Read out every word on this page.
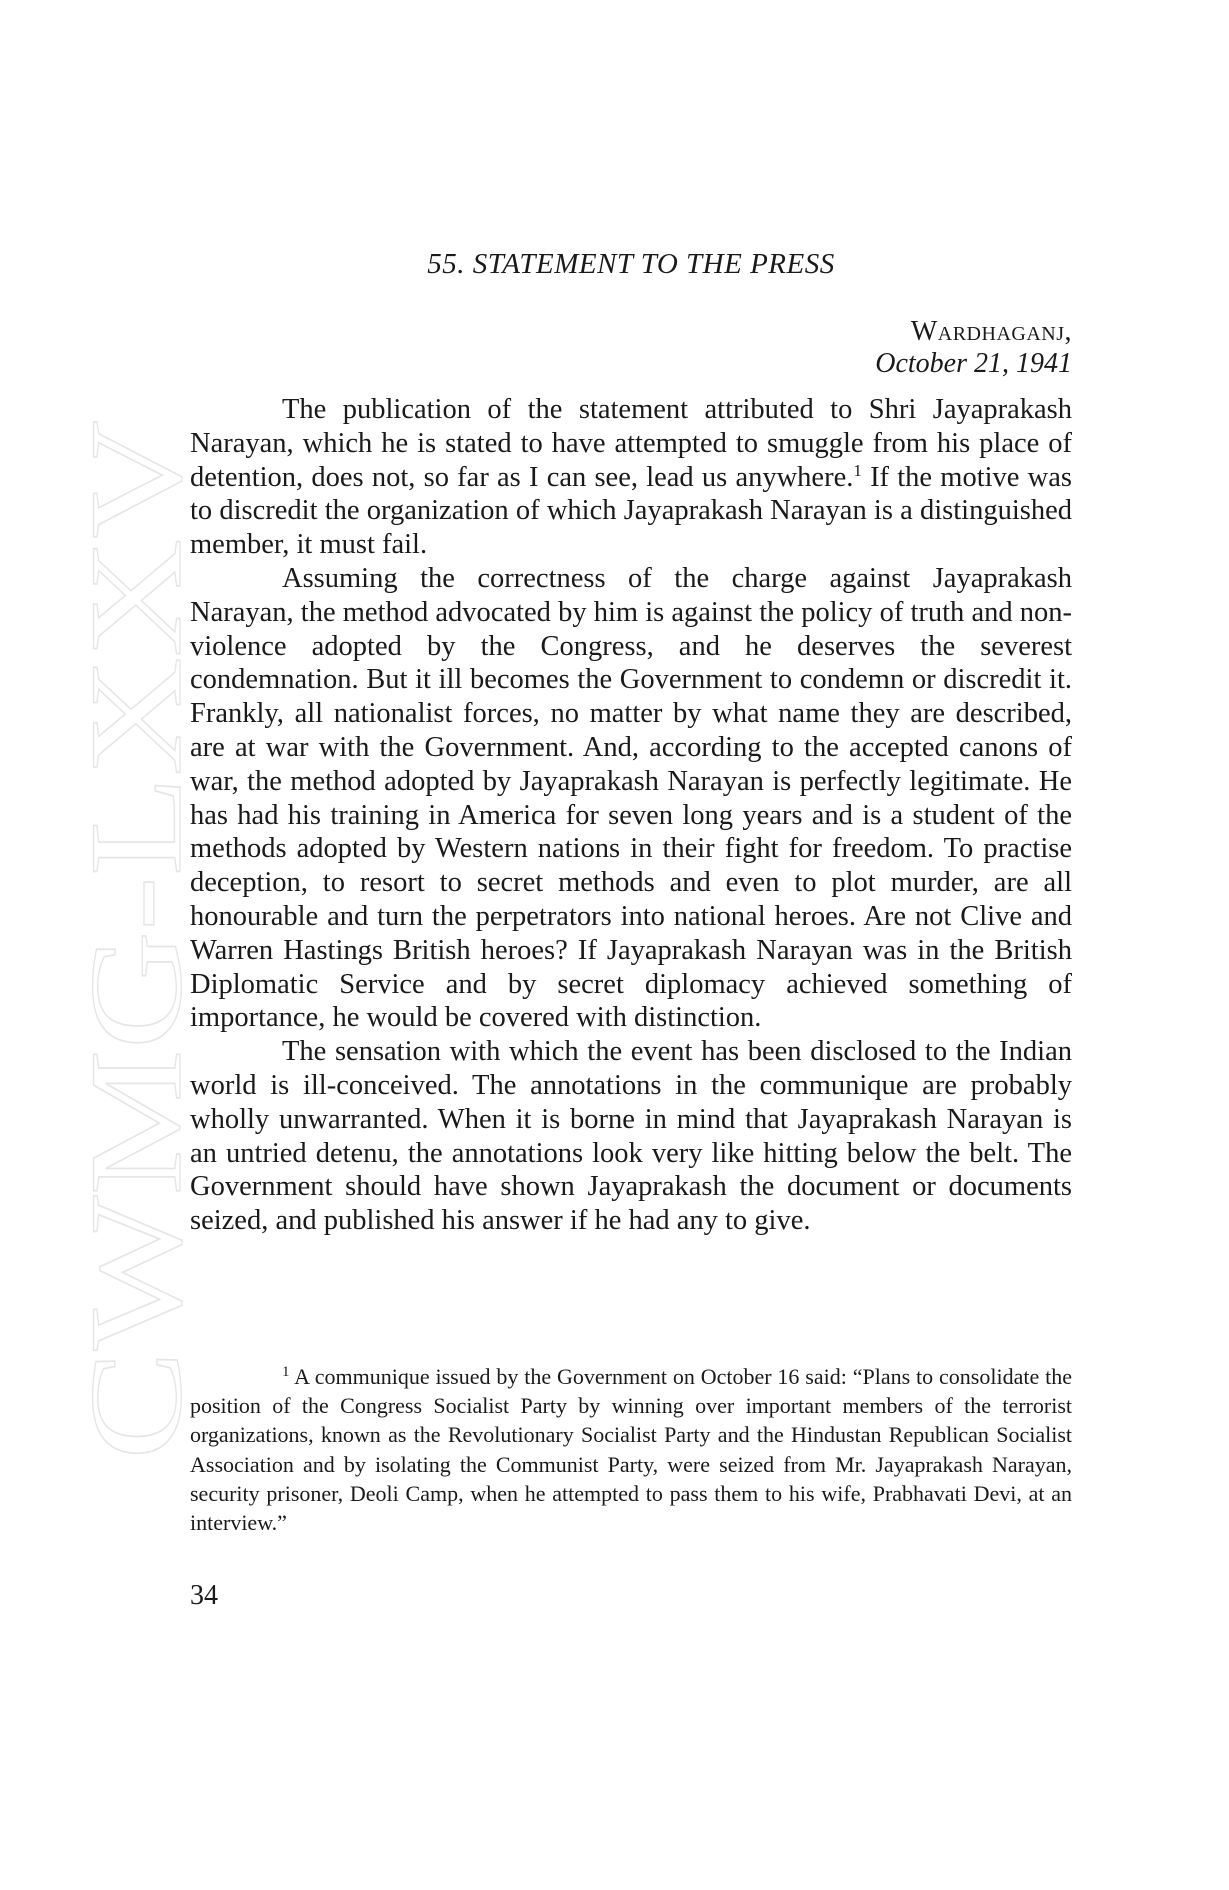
CWMG-LXXV
55. STATEMENT TO THE PRESS
Wardhaganj,
October 21, 1941

The publication of the statement attributed to Shri Jayaprakash Narayan, which he is stated to have attempted to smuggle from his place of detention, does not, so far as I can see, lead us anywhere.$^1$ If the motive was to discredit the organization of which Jayaprakash Narayan is a distinguished member, it must fail.

Assuming the correctness of the charge against Jayaprakash Narayan, the method advocated by him is against the policy of truth and non-violence adopted by the Congress, and he deserves the severest condemnation. But it ill becomes the Government to condemn or discredit it. Frankly, all nationalist forces, no matter by what name they are described, are at war with the Government. And, according to the accepted canons of war, the method adopted by Jayaprakash Narayan is perfectly legitimate. He has had his training in America for seven long years and is a student of the methods adopted by Western nations in their fight for freedom. To practise deception, to resort to secret methods and even to plot murder, are all honourable and turn the perpetrators into national heroes. Are not Clive and Warren Hastings British heroes? If Jayaprakash Narayan was in the British Diplomatic Service and by secret diplomacy achieved something of importance, he would be covered with distinction.

The sensation with which the event has been disclosed to the Indian world is ill-conceived. The annotations in the communique are probably wholly unwarranted. When it is borne in mind that Jayaprakash Narayan is an untried detenu, the annotations look very like hitting below the belt. The Government should have shown Jayaprakash the document or documents seized, and published his answer if he had any to give.

$^1$ A communique issued by the Government on October 16 said: “Plans to consolidate the position of the Congress Socialist Party by winning over important members of the terrorist organizations, known as the Revolutionary Socialist Party and the Hindustan Republican Socialist Association and by isolating the Communist Party, were seized from Mr. Jayaprakash Narayan, security prisoner, Deoli Camp, when he attempted to pass them to his wife, Prabhavati Devi, at an interview.”

34
